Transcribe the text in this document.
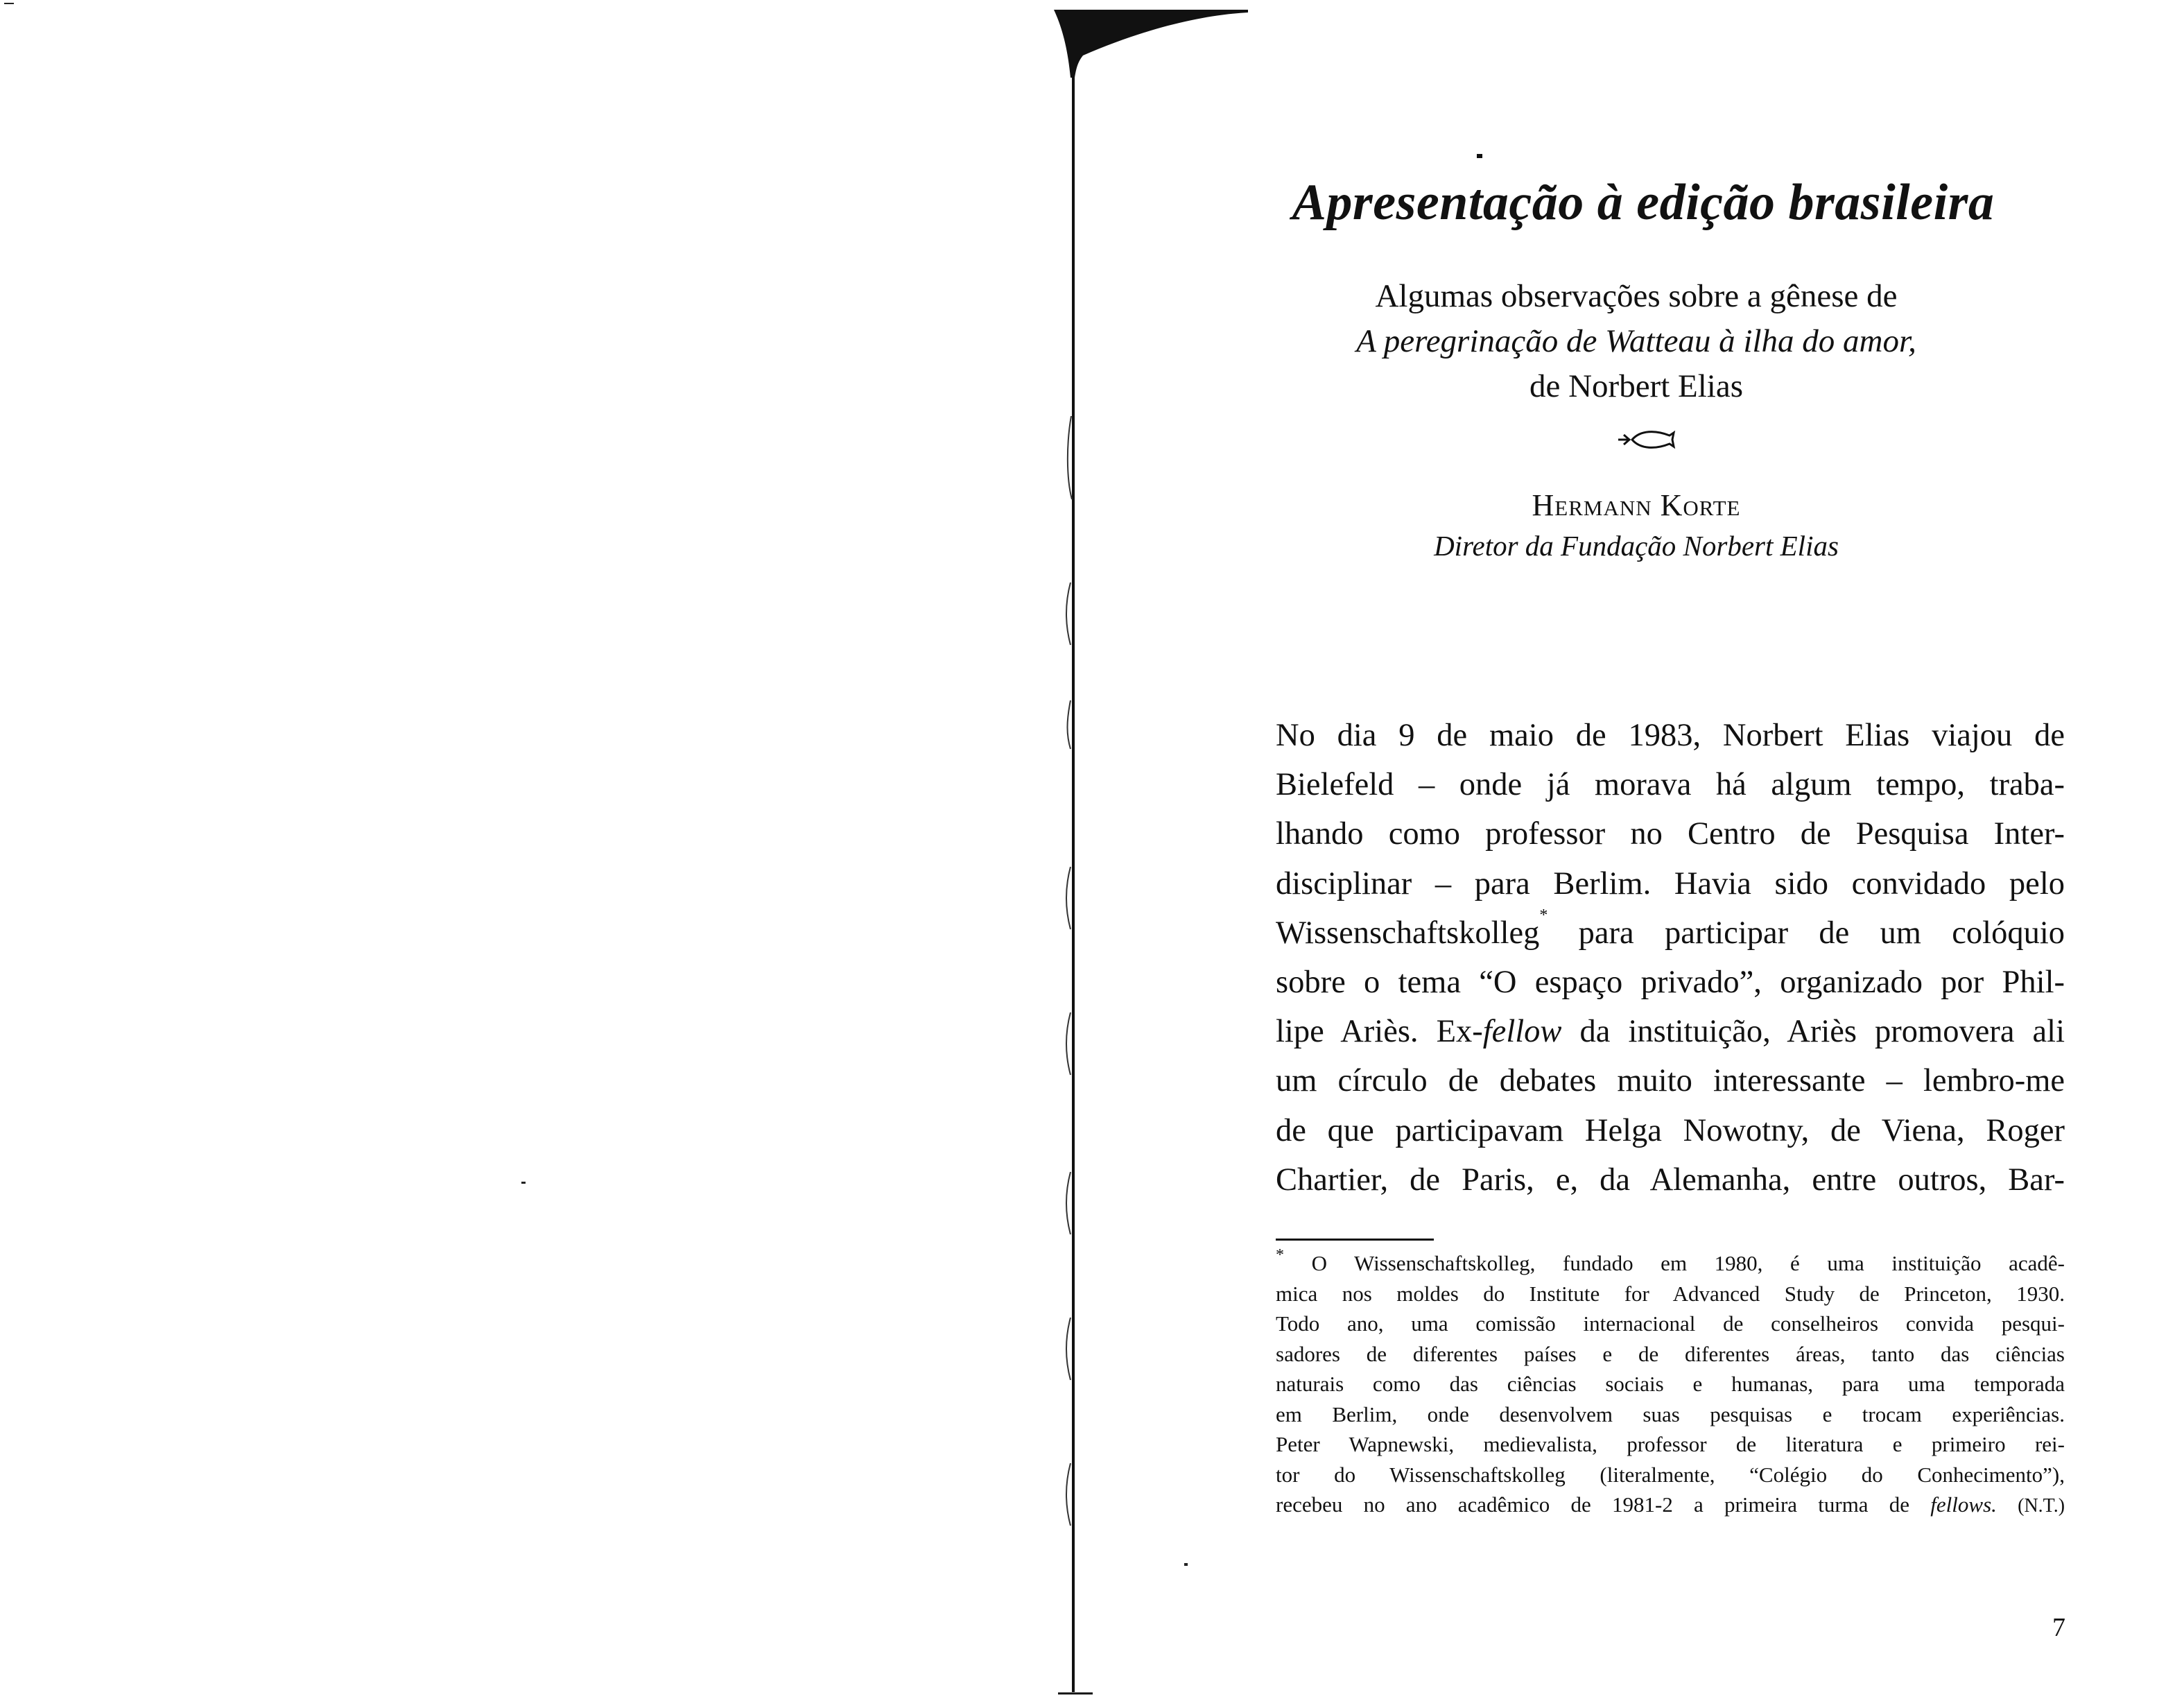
Apresentação à edição brasileira
Algumas observações sobre a gênese de
A peregrinação de Watteau à ilha do amor,
de Norbert Elias
Hermann Korte
Diretor da Fundação Norbert Elias
No dia 9 de maio de 1983, Norbert Elias viajou de
Bielefeld – onde já morava há algum tempo, traba-
lhando como professor no Centro de Pesquisa Inter-
disciplinar – para Berlim. Havia sido convidado pelo
Wissenschaftskolleg* para participar de um colóquio
sobre o tema “O espaço privado”, organizado por Phil-
lipe Ariès. Ex-fellow da instituição, Ariès promovera ali
um círculo de debates muito interessante – lembro-me
de que participavam Helga Nowotny, de Viena, Roger
Chartier, de Paris, e, da Alemanha, entre outros, Bar-
* O Wissenschaftskolleg, fundado em 1980, é uma instituição acadê-
mica nos moldes do Institute for Advanced Study de Princeton, 1930.
Todo ano, uma comissão internacional de conselheiros convida pesqui-
sadores de diferentes países e de diferentes áreas, tanto das ciências
naturais como das ciências sociais e humanas, para uma temporada
em Berlim, onde desenvolvem suas pesquisas e trocam experiências.
Peter Wapnewski, medievalista, professor de literatura e primeiro rei-
tor do Wissenschaftskolleg (literalmente, “Colégio do Conhecimento”),
recebeu no ano acadêmico de 1981-2 a primeira turma de fellows. (N.T.)
7
